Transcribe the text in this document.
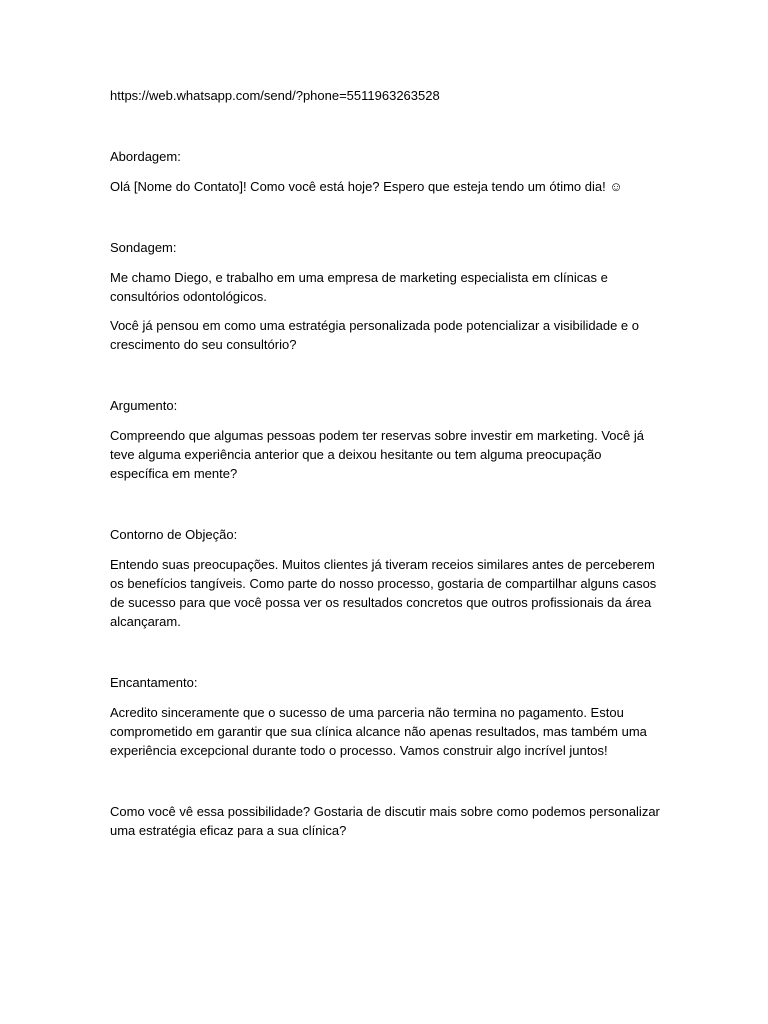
https://web.whatsapp.com/send/?phone=5511963263528

Abordagem:

Olá [Nome do Contato]! Como você está hoje? Espero que esteja tendo um ótimo dia! ☺

Sondagem:

Me chamo Diego, e trabalho em uma empresa de marketing especialista em clínicas e

consultórios odontológicos.

Você já pensou em como uma estratégia personalizada pode potencializar a visibilidade e o

crescimento do seu consultório?

Argumento:

Compreendo que algumas pessoas podem ter reservas sobre investir em marketing. Você já

teve alguma experiência anterior que a deixou hesitante ou tem alguma preocupação

específica em mente?

Contorno de Objeção:

Entendo suas preocupações. Muitos clientes já tiveram receios similares antes de perceberem

os benefícios tangíveis. Como parte do nosso processo, gostaria de compartilhar alguns casos

de sucesso para que você possa ver os resultados concretos que outros profissionais da área

alcançaram.

Encantamento:

Acredito sinceramente que o sucesso de uma parceria não termina no pagamento. Estou

comprometido em garantir que sua clínica alcance não apenas resultados, mas também uma

experiência excepcional durante todo o processo. Vamos construir algo incrível juntos!

Como você vê essa possibilidade? Gostaria de discutir mais sobre como podemos personalizar

uma estratégia eficaz para a sua clínica?
